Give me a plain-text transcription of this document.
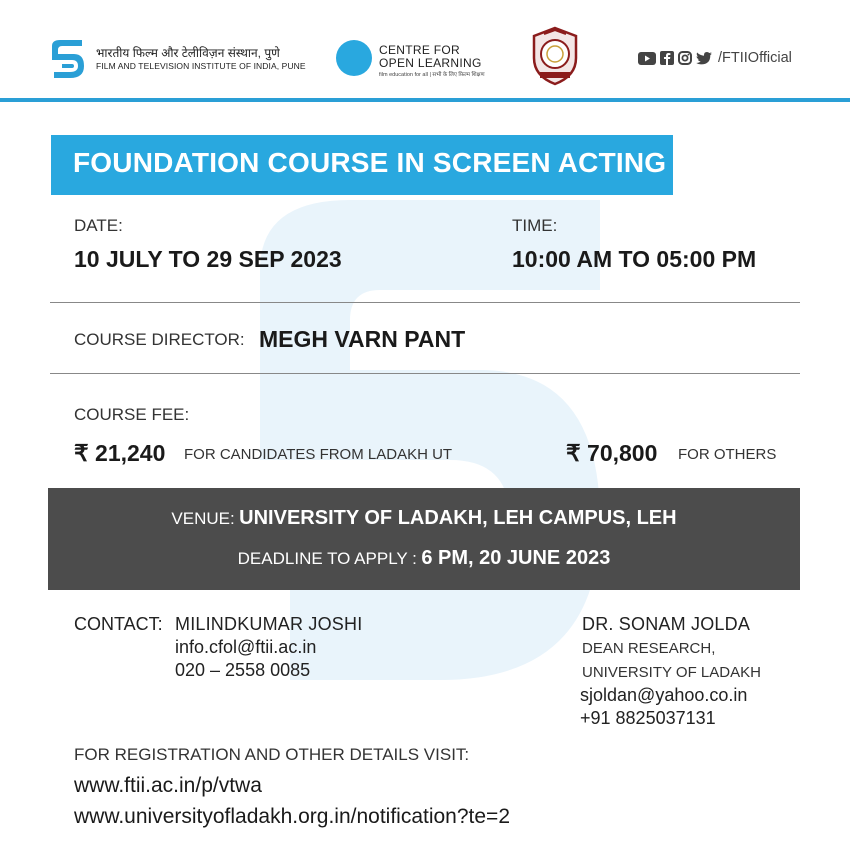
भारतीय फिल्म और टेलीविज़न संस्थान, पुणे
FILM AND TELEVISION INSTITUTE OF INDIA, PUNE
CENTRE FOR
OPEN LEARNING
film education for all | सभी के लिए फ़िल्म शिक्षण
/FTIIOfficial
FOUNDATION COURSE IN SCREEN ACTING
DATE:
10 JULY TO 29 SEP 2023
TIME:
10:00 AM TO 05:00 PM
COURSE DIRECTOR: MEGH VARN PANT
COURSE FEE:
₹ 21,240 FOR CANDIDATES FROM LADAKH UT	₹ 70,800 FOR OTHERS
VENUE: UNIVERSITY OF LADAKH, LEH CAMPUS, LEH
DEADLINE TO APPLY : 6 PM, 20 JUNE 2023
CONTACT: MILINDKUMAR JOSHI
info.cfol@ftii.ac.in
020 – 2558 0085
DR. SONAM JOLDA
DEAN RESEARCH,
UNIVERSITY OF LADAKH
sjoldan@yahoo.co.in
+91 8825037131
FOR REGISTRATION AND OTHER DETAILS VISIT:
www.ftii.ac.in/p/vtwa
www.universityofladakh.org.in/notification?te=2
